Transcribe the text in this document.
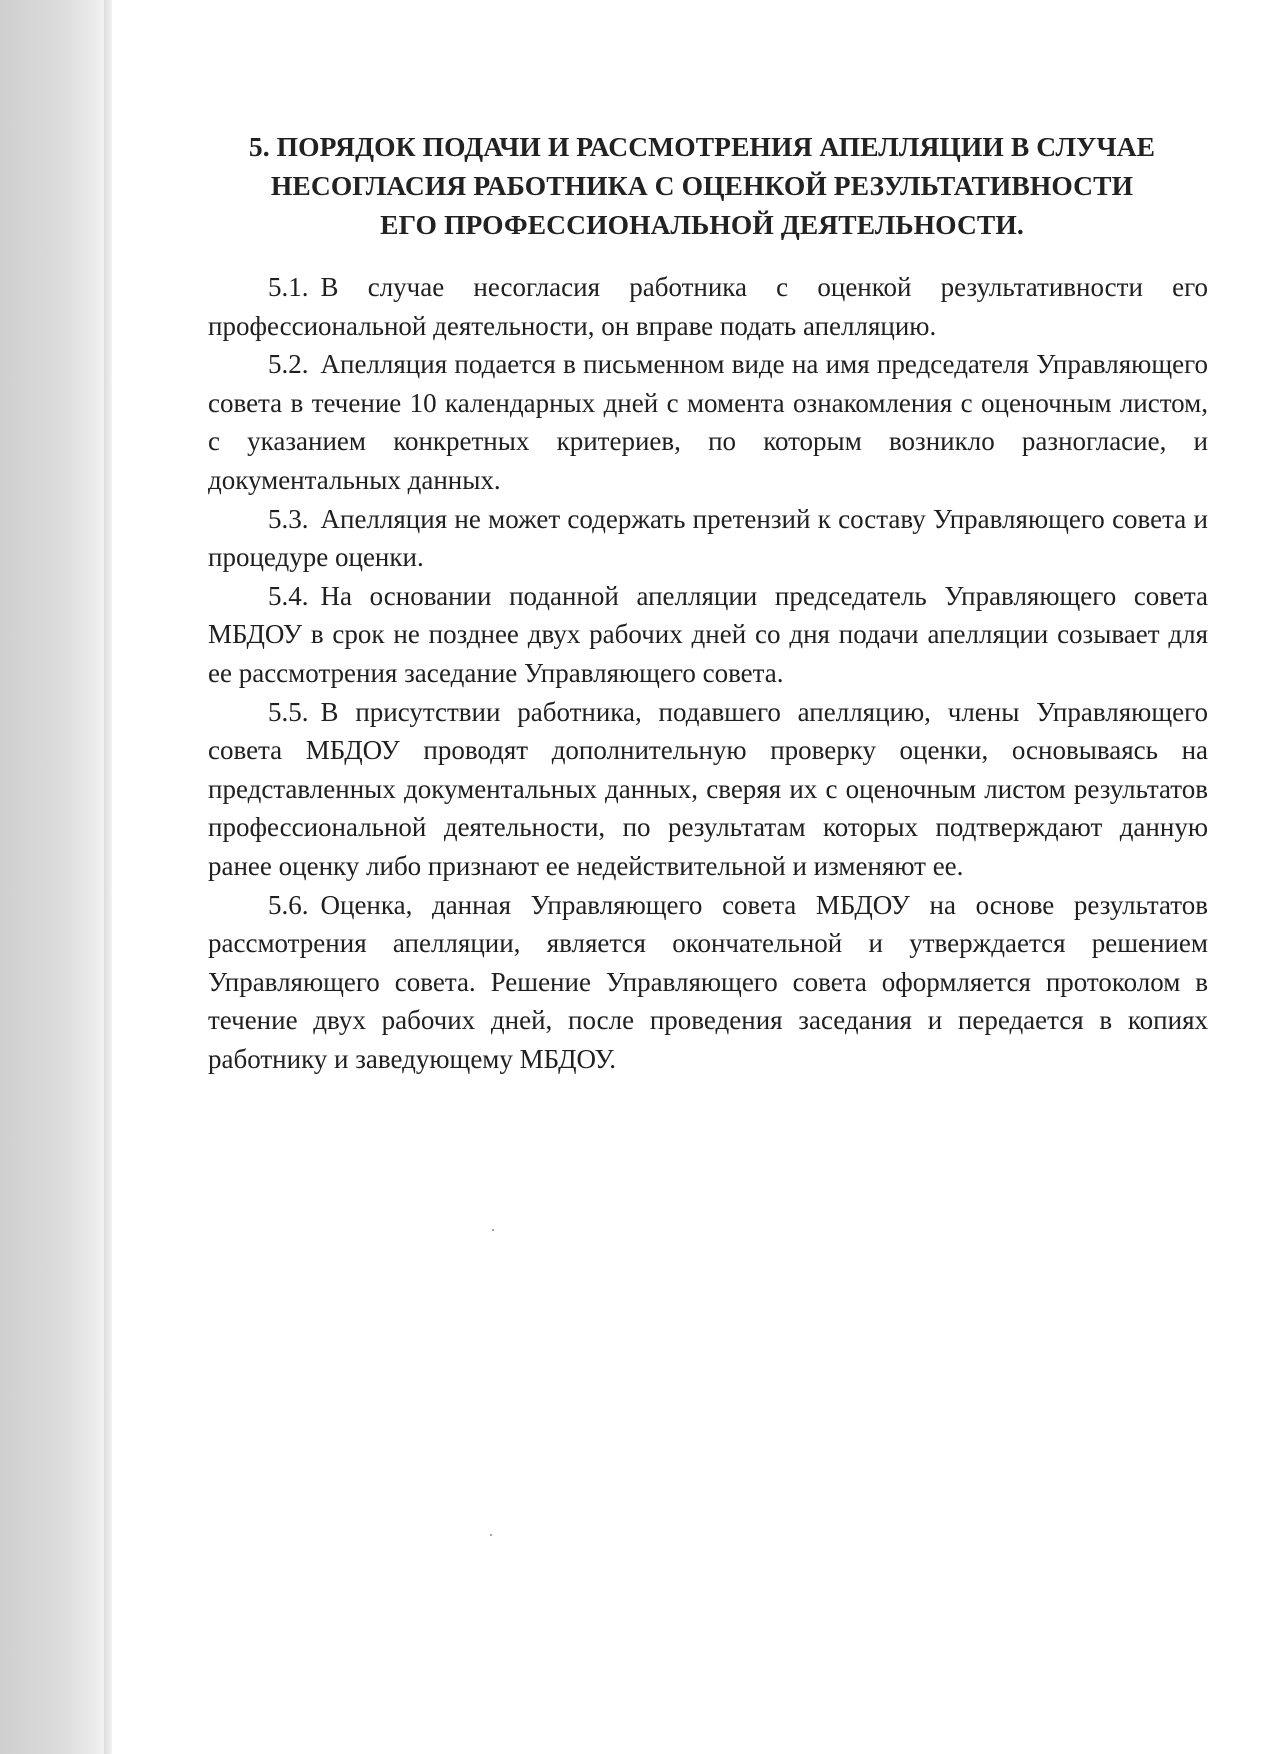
5. ПОРЯДОК ПОДАЧИ И РАССМОТРЕНИЯ АПЕЛЛЯЦИИ В СЛУЧАЕ
НЕСОГЛАСИЯ РАБОТНИКА С ОЦЕНКОЙ РЕЗУЛЬТАТИВНОСТИ
ЕГО ПРОФЕССИОНАЛЬНОЙ ДЕЯТЕЛЬНОСТИ.

5.1. В случае несогласия работника с оценкой результативности его профессиональной деятельности, он вправе подать апелляцию.

5.2. Апелляция подается в письменном виде на имя председателя Управляющего совета в течение 10 календарных дней с момента ознакомления с оценочным листом, с указанием конкретных критериев, по которым возникло разногласие, и документальных данных.

5.3. Апелляция не может содержать претензий к составу Управляющего совета и процедуре оценки.

5.4. На основании поданной апелляции председатель Управляющего совета МБДОУ в срок не позднее двух рабочих дней со дня подачи апелляции созывает для ее рассмотрения заседание Управляющего совета.

5.5. В присутствии работника, подавшего апелляцию, члены Управляющего совета МБДОУ проводят дополнительную проверку оценки, основываясь на представленных документальных данных, сверяя их с оценочным листом результатов профессиональной деятельности, по результатам которых подтверждают данную ранее оценку либо признают ее недействительной и изменяют ее.

5.6. Оценка, данная Управляющего совета МБДОУ на основе результатов рассмотрения апелляции, является окончательной и утверждается решением Управляющего совета. Решение Управляющего совета оформляется протоколом в течение двух рабочих дней, после проведения заседания и передается в копиях работнику и заведующему МБДОУ.
